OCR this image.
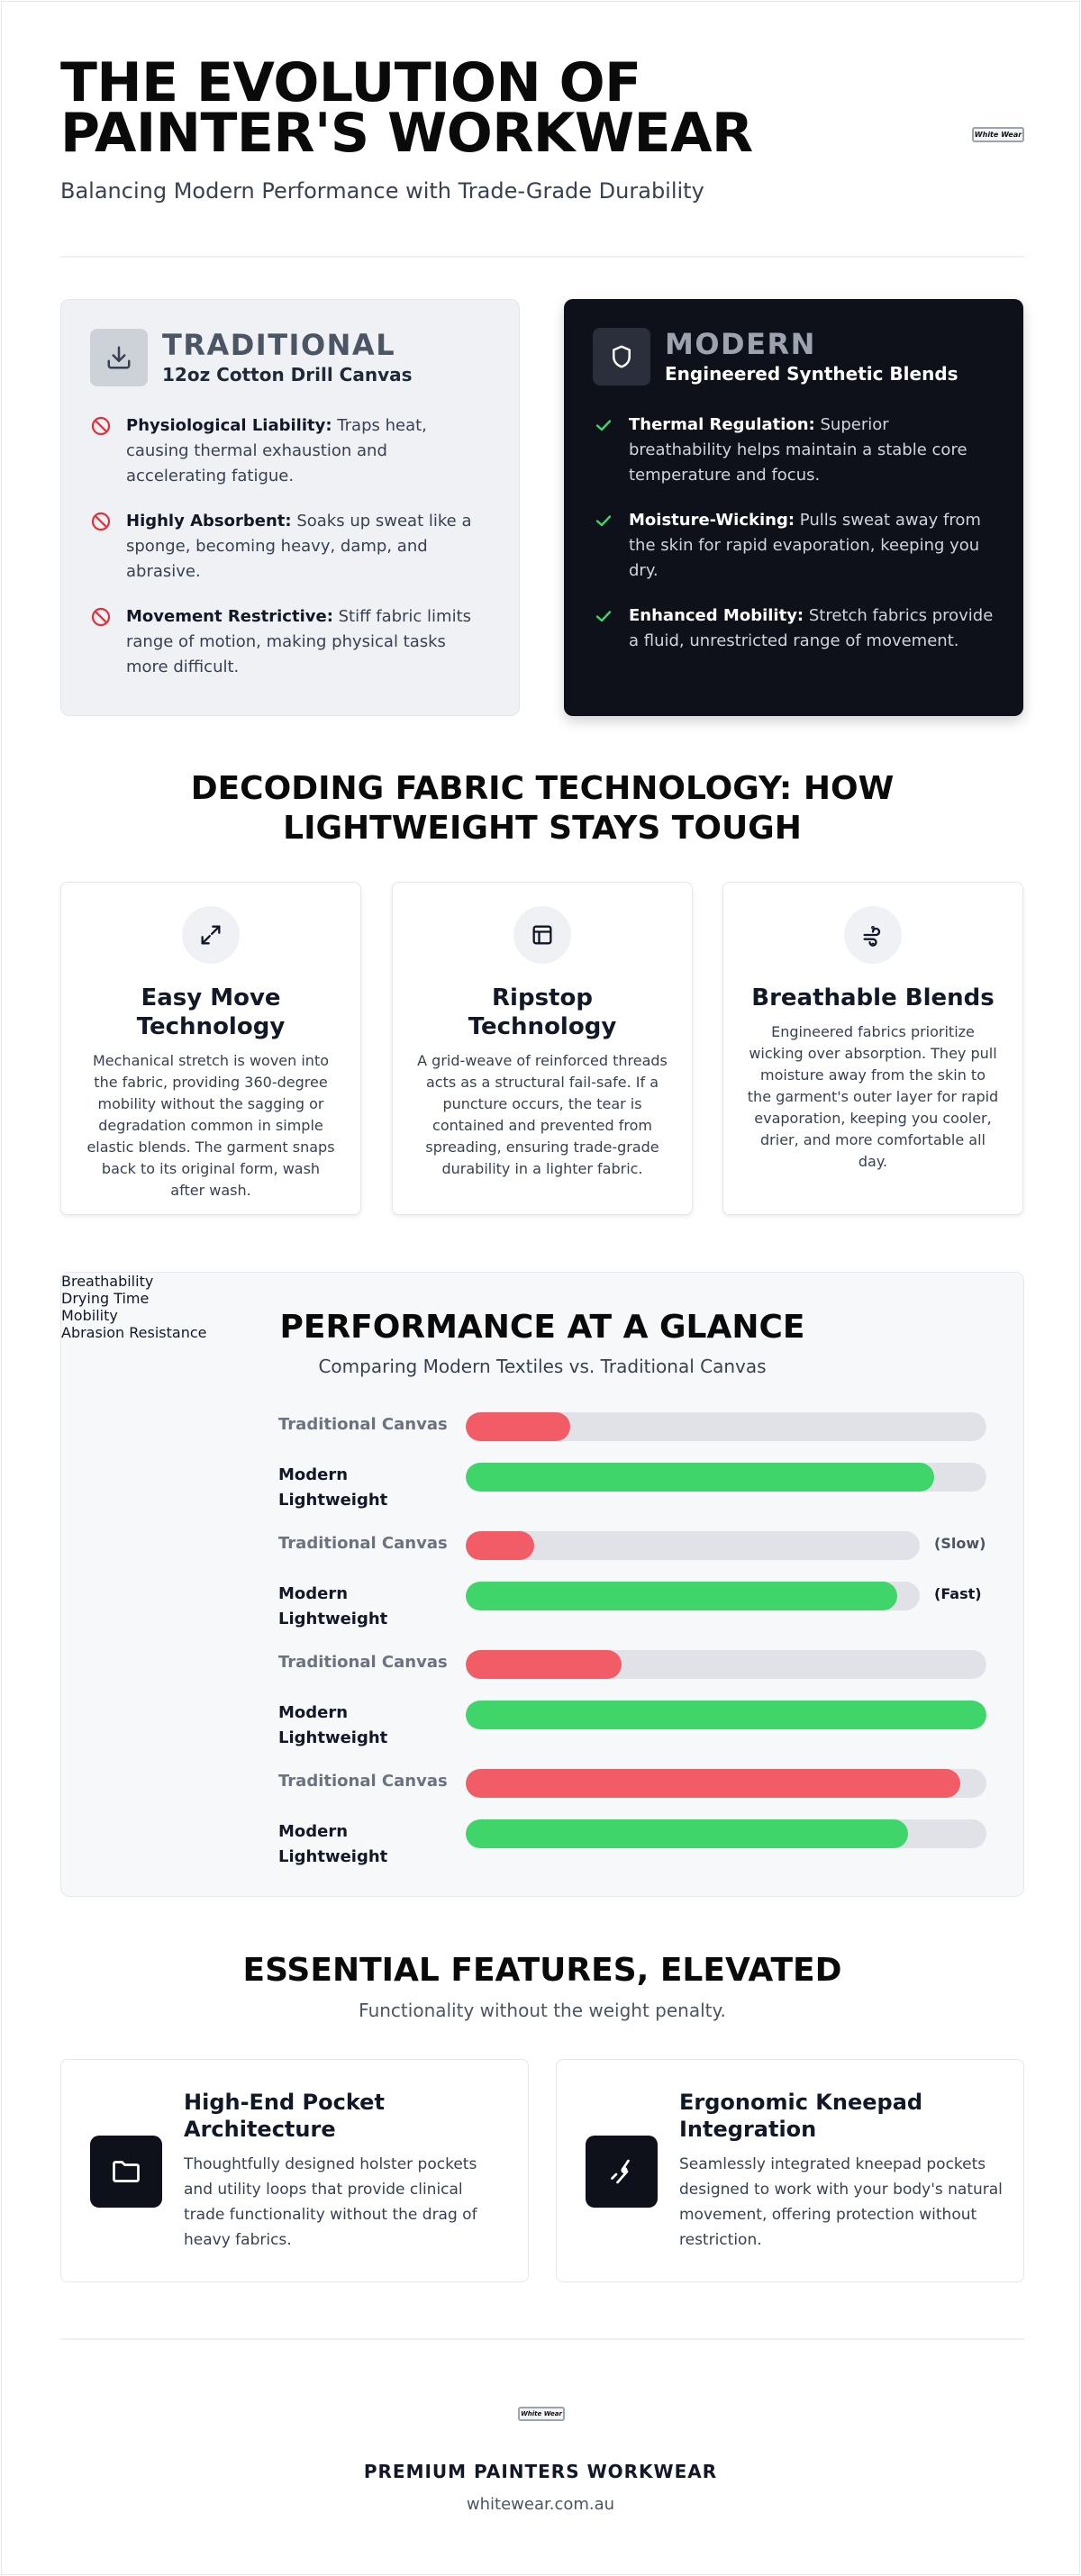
THE EVOLUTION OF PAINTER'S WORKWEAR
Balancing Modern Performance with Trade-Grade Durability
White Wear
TRADITIONAL
12oz Cotton Drill Canvas
Physiological Liability: Traps heat, causing thermal exhaustion and accelerating fatigue.
Highly Absorbent: Soaks up sweat like a sponge, becoming heavy, damp, and abrasive.
Movement Restrictive: Stiff fabric limits range of motion, making physical tasks more difficult.
MODERN
Engineered Synthetic Blends
Thermal Regulation: Superior breathability helps maintain a stable core temperature and focus.
Moisture-Wicking: Pulls sweat away from the skin for rapid evaporation, keeping you dry.
Enhanced Mobility: Stretch fabrics provide a fluid, unrestricted range of movement.
DECODING FABRIC TECHNOLOGY: HOW LIGHTWEIGHT STAYS TOUGH
Easy Move Technology

Mechanical stretch is woven into the fabric, providing 360-degree mobility without the sagging or degradation common in simple elastic blends. The garment snaps back to its original form, wash after wash.

Ripstop Technology

A grid-weave of reinforced threads acts as a structural fail-safe. If a puncture occurs, the tear is contained and prevented from spreading, ensuring trade-grade durability in a lighter fabric.

Breathable Blends

Engineered fabrics prioritize wicking over absorption. They pull moisture away from the skin to the garment's outer layer for rapid evaporation, keeping you cooler, drier, and more comfortable all day.

PERFORMANCE AT A GLANCE
Comparing Modern Textiles vs. Traditional Canvas
Breathability
Traditional Canvas
Modern Lightweight
Drying Time
Traditional Canvas	(Slow)
Modern Lightweight
(Fast)
Mobility
Traditional Canvas
Modern Lightweight
Abrasion Resistance
Traditional Canvas
Modern Lightweight
ESSENTIAL FEATURES, ELEVATED
Functionality without the weight penalty.
High-End Pocket Architecture

Thoughtfully designed holster pockets and utility loops that provide clinical trade functionality without the drag of heavy fabrics.

Ergonomic Kneepad Integration

Seamlessly integrated kneepad pockets designed to work with your body's natural movement, offering protection without restriction.

White Wear
PREMIUM PAINTERS WORKWEAR
whitewear.com.au
